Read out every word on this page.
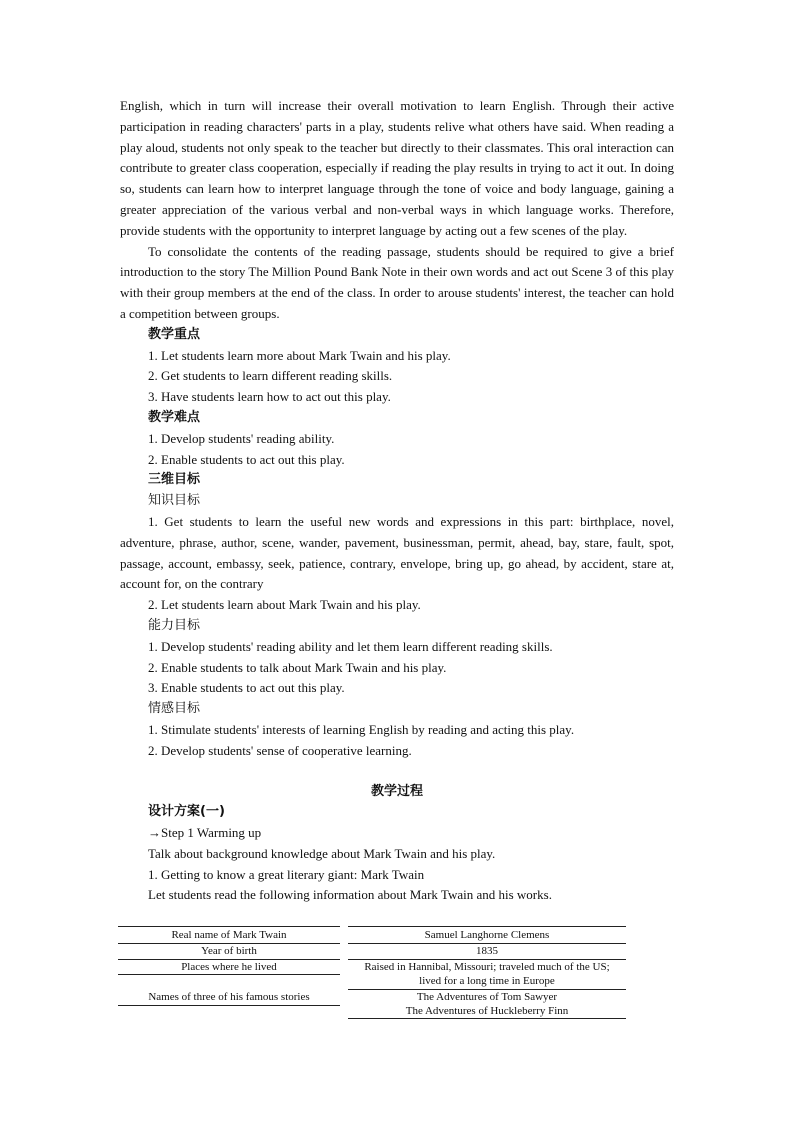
English, which in turn will increase their overall motivation to learn English. Through their active participation in reading characters' parts in a play, students relive what others have said. When reading a play aloud, students not only speak to the teacher but directly to their classmates. This oral interaction can contribute to greater class cooperation, especially if reading the play results in trying to act it out. In doing so, students can learn how to interpret language through the tone of voice and body language, gaining a greater appreciation of the various verbal and non-verbal ways in which language works. Therefore, provide students with the opportunity to interpret language by acting out a few scenes of the play.

To consolidate the contents of the reading passage, students should be required to give a brief introduction to the story The Million Pound Bank Note in their own words and act out Scene 3 of this play with their group members at the end of the class. In order to arouse students' interest, the teacher can hold a competition between groups.

教学重点

1. Let students learn more about Mark Twain and his play.

2. Get students to learn different reading skills.

3. Have students learn how to act out this play.

教学难点

1. Develop students' reading ability.

2. Enable students to act out this play.

三维目标

知识目标

1. Get students to learn the useful new words and expressions in this part: birthplace, novel, adventure, phrase, author, scene, wander, pavement, businessman, permit, ahead, bay, stare, fault, spot, passage, account, embassy, seek, patience, contrary, envelope, bring up, go ahead, by accident, stare at, account for, on the contrary

2. Let students learn about Mark Twain and his play.

能力目标

1. Develop students' reading ability and let them learn different reading skills.

2. Enable students to talk about Mark Twain and his play.

3. Enable students to act out this play.

情感目标

1. Stimulate students' interests of learning English by reading and acting this play.

2. Develop students' sense of cooperative learning.

教学过程

设计方案(一)

→Step 1 Warming up

Talk about background knowledge about Mark Twain and his play.

1. Getting to know a great literary giant: Mark Twain

Let students read the following information about Mark Twain and his works.

Real name of Mark Twain	Samuel Langhorne Clemens
Year of birth	1835
Places where he lived	Raised in Hannibal, Missouri; traveled much of the US;
lived for a long time in Europe
Names of three of his famous stories	The Adventures of Tom Sawyer
The Adventures of Huckleberry Finn
